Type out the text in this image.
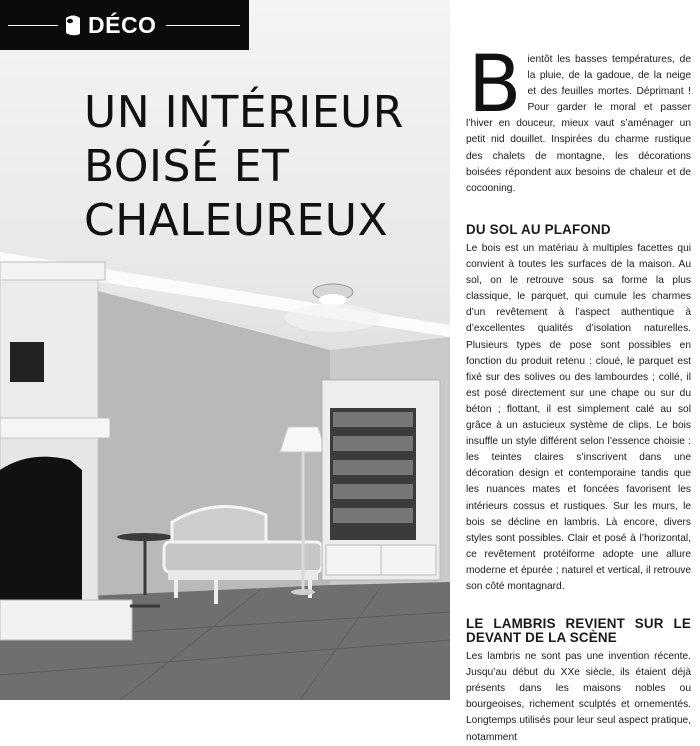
DÉCO
UN INTÉRIEUR
BOISÉ ET
CHALEUREUX
B ientôt les basses températures, de la pluie, de la gadoue, de la neige et des feuilles mortes. Déprimant ! Pour garder le moral et passer l’hiver en douceur, mieux vaut s’aménager un petit nid douillet. Inspirées du charme rustique des chalets de montagne, les décorations boisées répondent aux besoins de chaleur et de cocooning.

DU SOL AU PLAFOND

Le bois est un matériau à multiples facettes qui convient à toutes les surfaces de la maison. Au sol, on le retrouve sous sa forme la plus classique, le parquet, qui cumule les charmes d’un revêtement à l’aspect authentique à d’excellentes qualités d’isolation naturelles. Plusieurs types de pose sont possibles en fonction du produit retenu : cloué, le parquet est fixé sur des solives ou des lambourdes ; collé, il est posé directement sur une chape ou sur du béton ; flottant, il est simplement calé au sol grâce à un astucieux système de clips. Le bois insuffle un style différent selon l’essence choisie : les teintes claires s’inscrivent dans une décoration design et contemporaine tandis que les nuances mates et foncées favorisent les intérieurs cossus et rustiques. Sur les murs, le bois se décline en lambris. Là encore, divers styles sont possibles. Clair et posé à l’horizontal, ce revêtement protéiforme adopte une allure moderne et épurée ; naturel et vertical, il retrouve son côté montagnard.

LE LAMBRIS REVIENT SUR LE DEVANT DE LA SCÈNE

Les lambris ne sont pas une invention récente. Jusqu’au début du XXe siècle, ils étaient déjà présents dans les maisons nobles ou bourgeoises, richement sculptés et ornementés. Longtemps utilisés pour leur seul aspect pratique, notamment
